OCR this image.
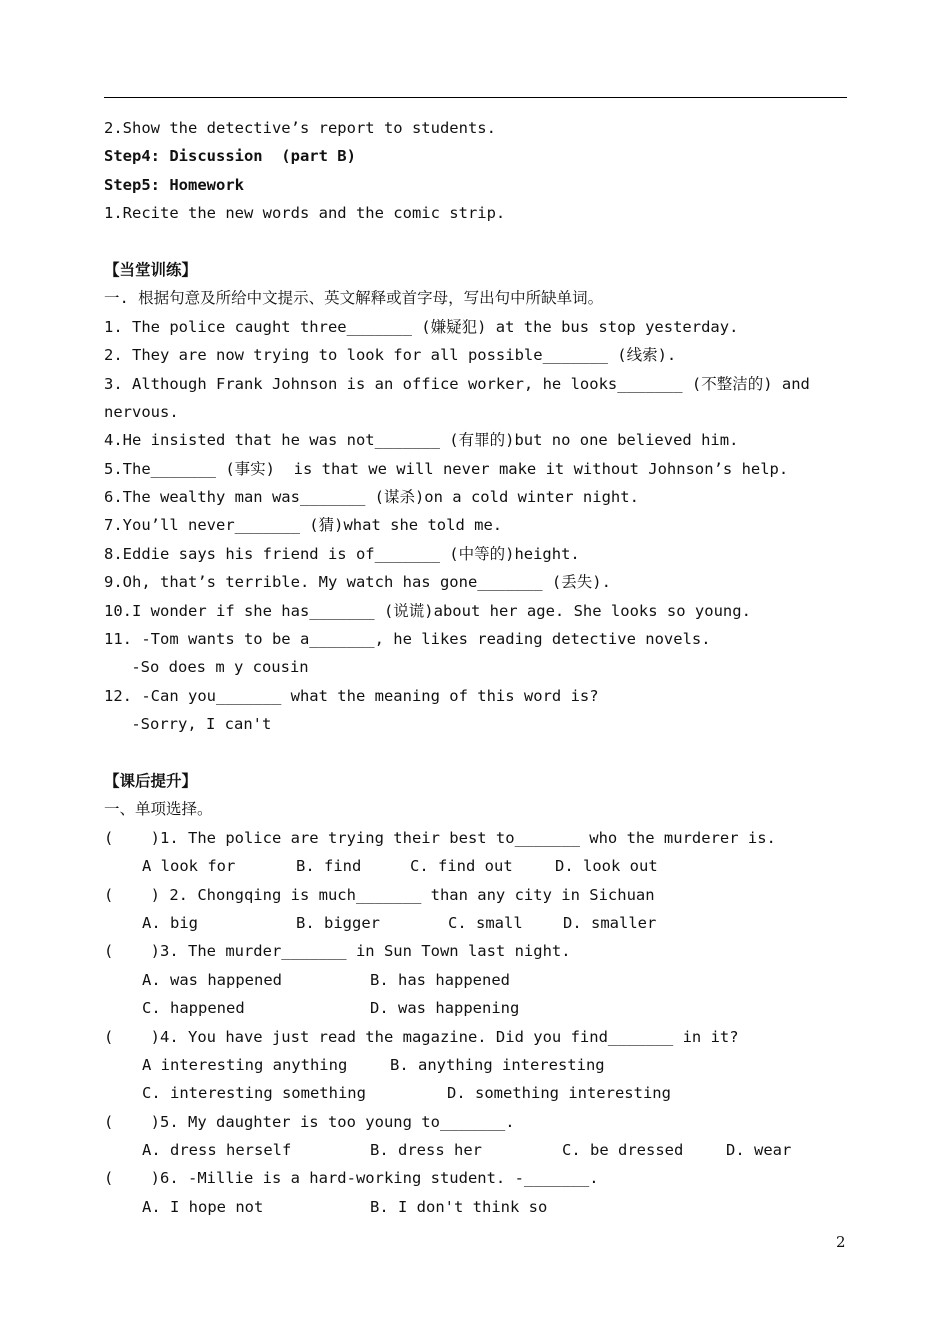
2.Show the detective’s report to students.
Step4: Discussion  (part B)
Step5: Homework
1.Recite the new words and the comic strip.
【当堂训练】
一. 根据句意及所给中文提示、英文解释或首字母，写出句中所缺单词。
1. The police caught three_______ (嫌疑犯) at the bus stop yesterday.
2. They are now trying to look for all possible_______ (线索).
3. Although Frank Johnson is an office worker, he looks_______ (不整洁的) and
nervous.
4.He insisted that he was not_______ (有罪的)but no one believed him.
5.The_______ (事实)  is that we will never make it without Johnson’s help.
6.The wealthy man was_______ (谋杀)on a cold winter night.
7.You’ll never_______ (猜)what she told me.
8.Eddie says his friend is of_______ (中等的)height.
9.Oh, that’s terrible. My watch has gone_______ (丢失).
10.I wonder if she has_______ (说谎)about her age. She looks so young.
11. -Tom wants to be a_______, he likes reading detective novels.
-So does m y cousin
12. -Can you_______ what the meaning of this word is?
-Sorry, I can't
【课后提升】
一、单项选择。
(    )1. The police are trying their best to_______ who the murderer is.
A look for	B. find	C. find out	D. look out
(    ) 2. Chongqing is much_______ than any city in Sichuan
A. big	B. bigger	C. small	D. smaller
(    )3. The murder_______ in Sun Town last night.
A. was happened	B. has happened
C. happened	D. was happening
(    )4. You have just read the magazine. Did you find_______ in it?
A interesting anything	B. anything interesting
C. interesting something	D. something interesting
(    )5. My daughter is too young to_______.
A. dress herself	B. dress her	C. be dressed	D. wear
(    )6. -Millie is a hard-working student. -_______.
A. I hope not	B. I don't think so
2
